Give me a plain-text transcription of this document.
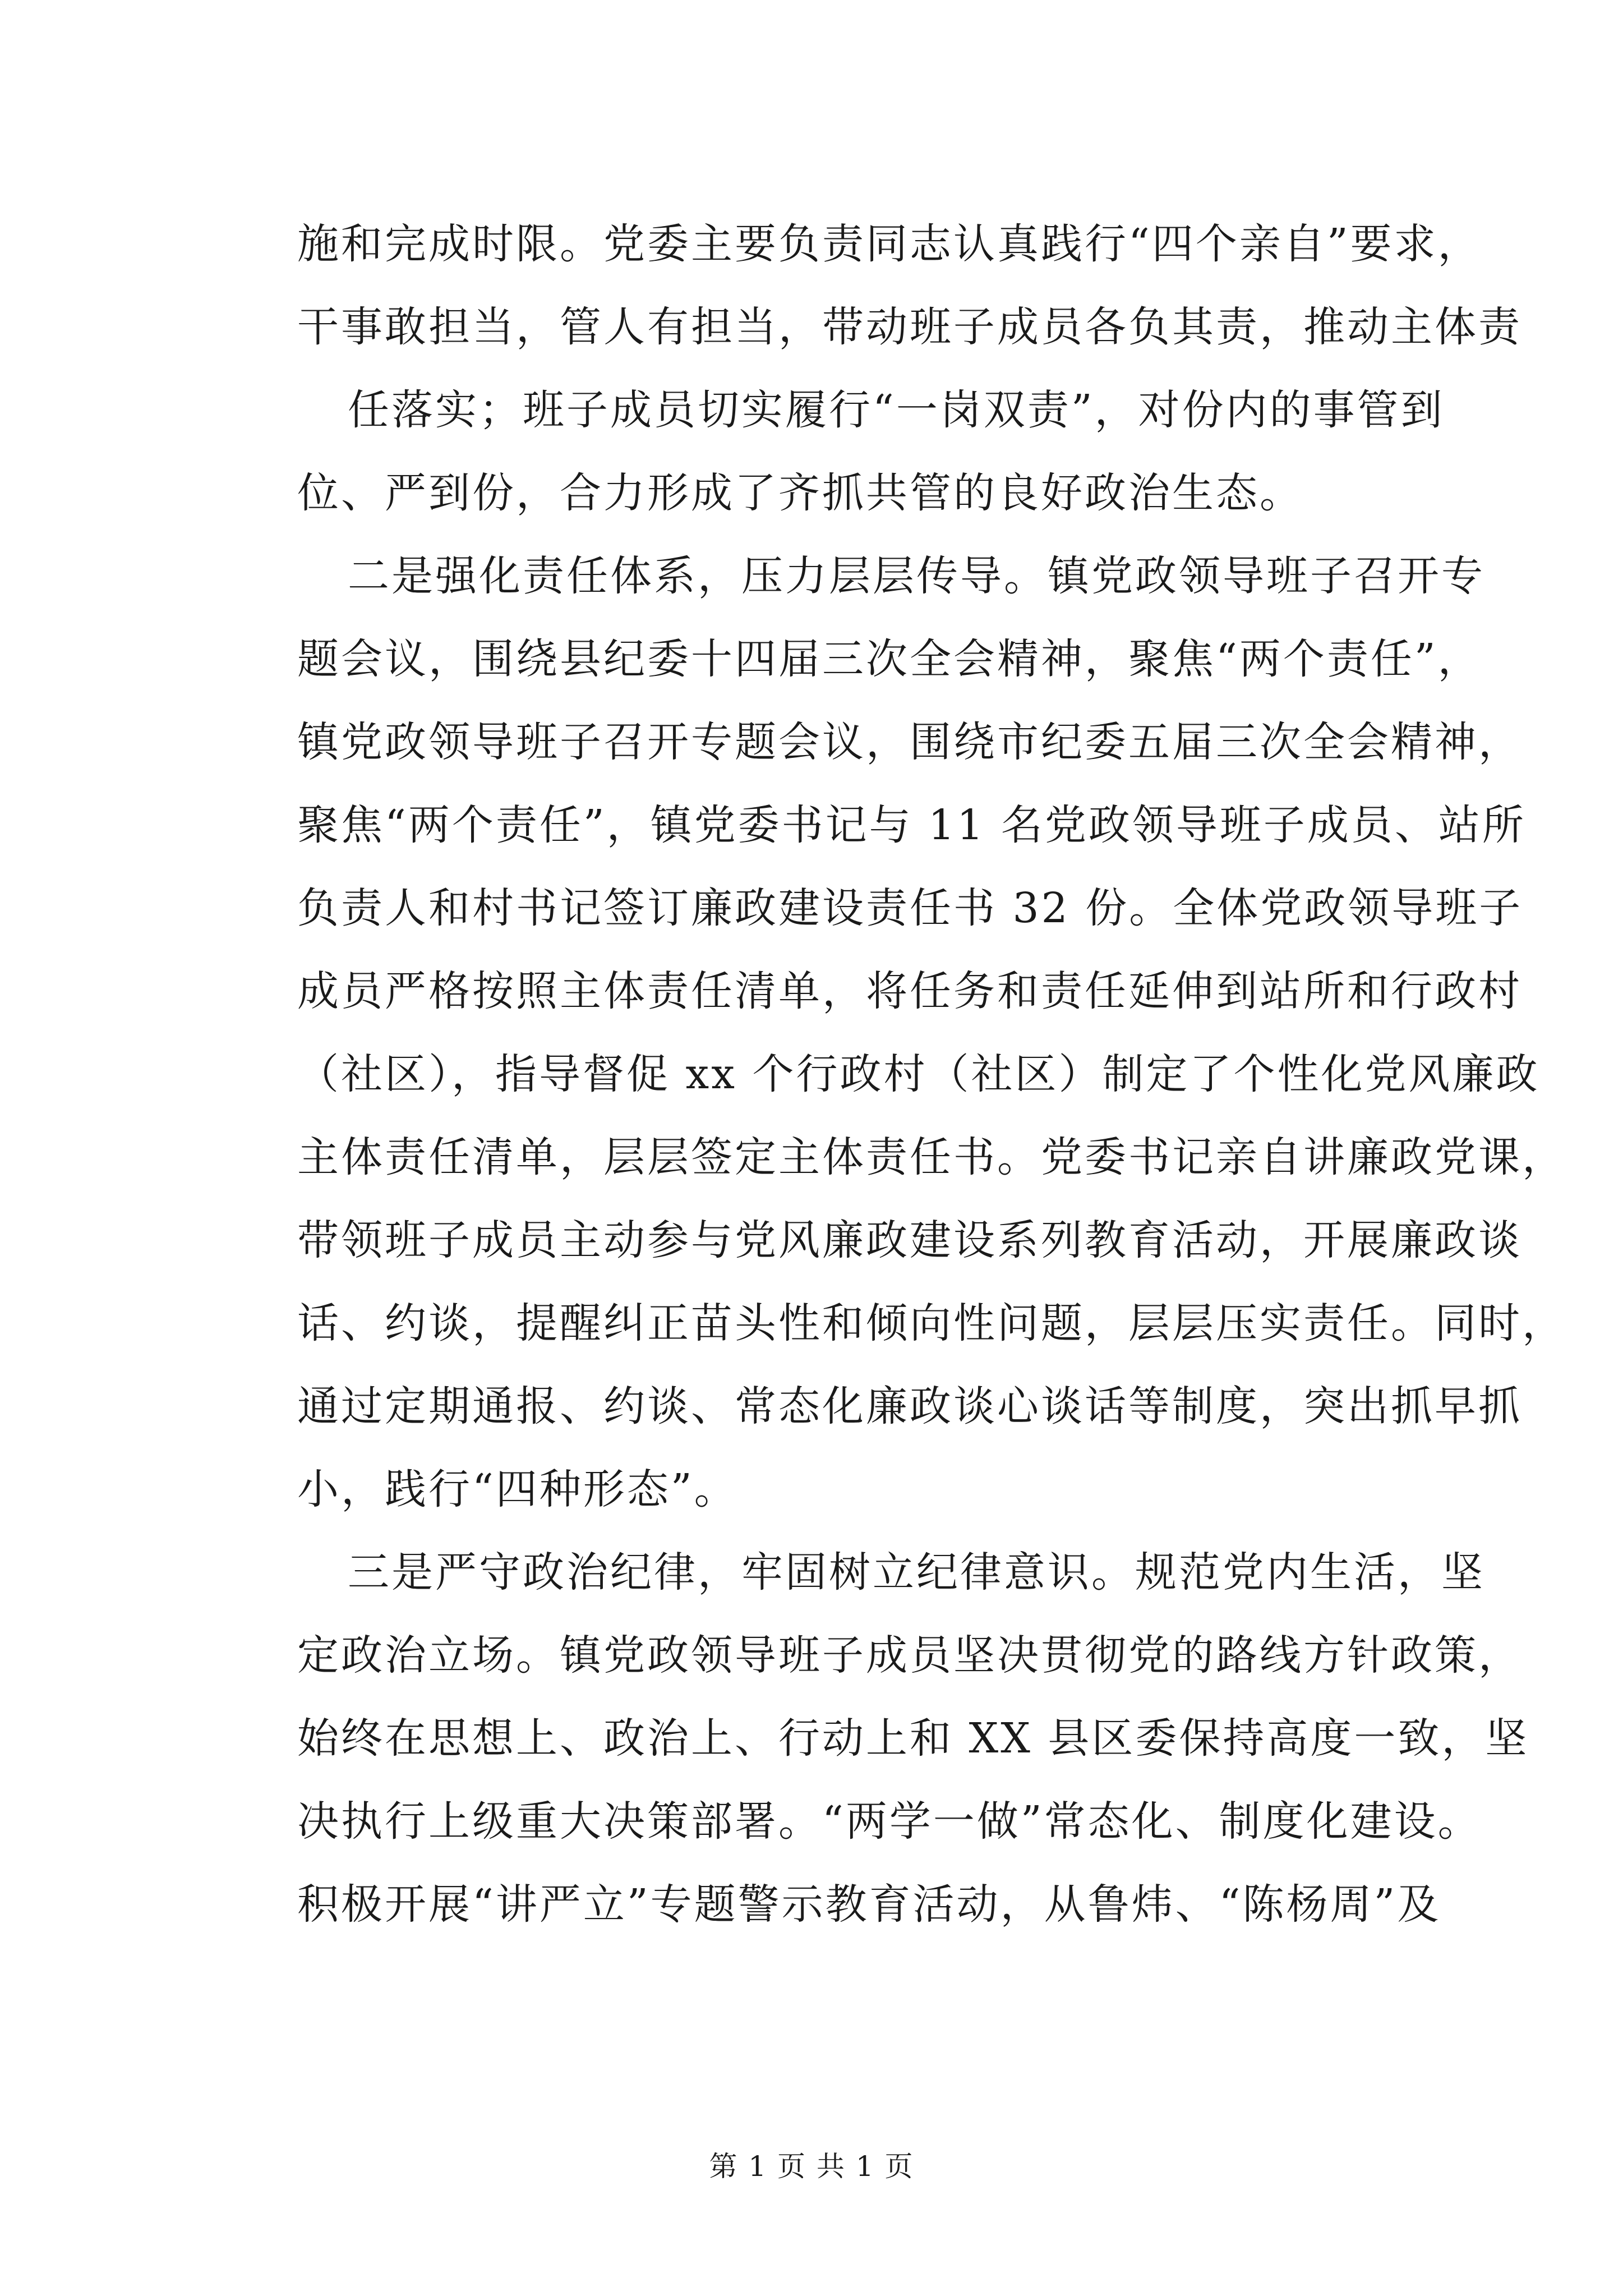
施和完成时限。党委主要负责同志认真践行“四个亲自”要求，
干事敢担当，管人有担当，带动班子成员各负其责，推动主体责
任落实；班子成员切实履行“一岗双责”，对份内的事管到
位、严到份，合力形成了齐抓共管的良好政治生态。
二是强化责任体系，压力层层传导。镇党政领导班子召开专
题会议，围绕县纪委十四届三次全会精神，聚焦“两个责任”，
镇党政领导班子召开专题会议，围绕市纪委五届三次全会精神，
聚焦“两个责任”，镇党委书记与 11 名党政领导班子成员、站所
负责人和村书记签订廉政建设责任书 32 份。全体党政领导班子
成员严格按照主体责任清单，将任务和责任延伸到站所和行政村
（社区），指导督促 xx 个行政村（社区）制定了个性化党风廉政
主体责任清单，层层签定主体责任书。党委书记亲自讲廉政党课，
带领班子成员主动参与党风廉政建设系列教育活动，开展廉政谈
话、约谈，提醒纠正苗头性和倾向性问题，层层压实责任。同时，
通过定期通报、约谈、常态化廉政谈心谈话等制度，突出抓早抓
小，践行“四种形态”。
三是严守政治纪律，牢固树立纪律意识。规范党内生活，坚
定政治立场。镇党政领导班子成员坚决贯彻党的路线方针政策，
始终在思想上、政治上、行动上和 XX 县区委保持高度一致，坚
决执行上级重大决策部署。“两学一做”常态化、制度化建设。
积极开展“讲严立”专题警示教育活动，从鲁炜、“陈杨周”及
第 1 页 共 1 页
